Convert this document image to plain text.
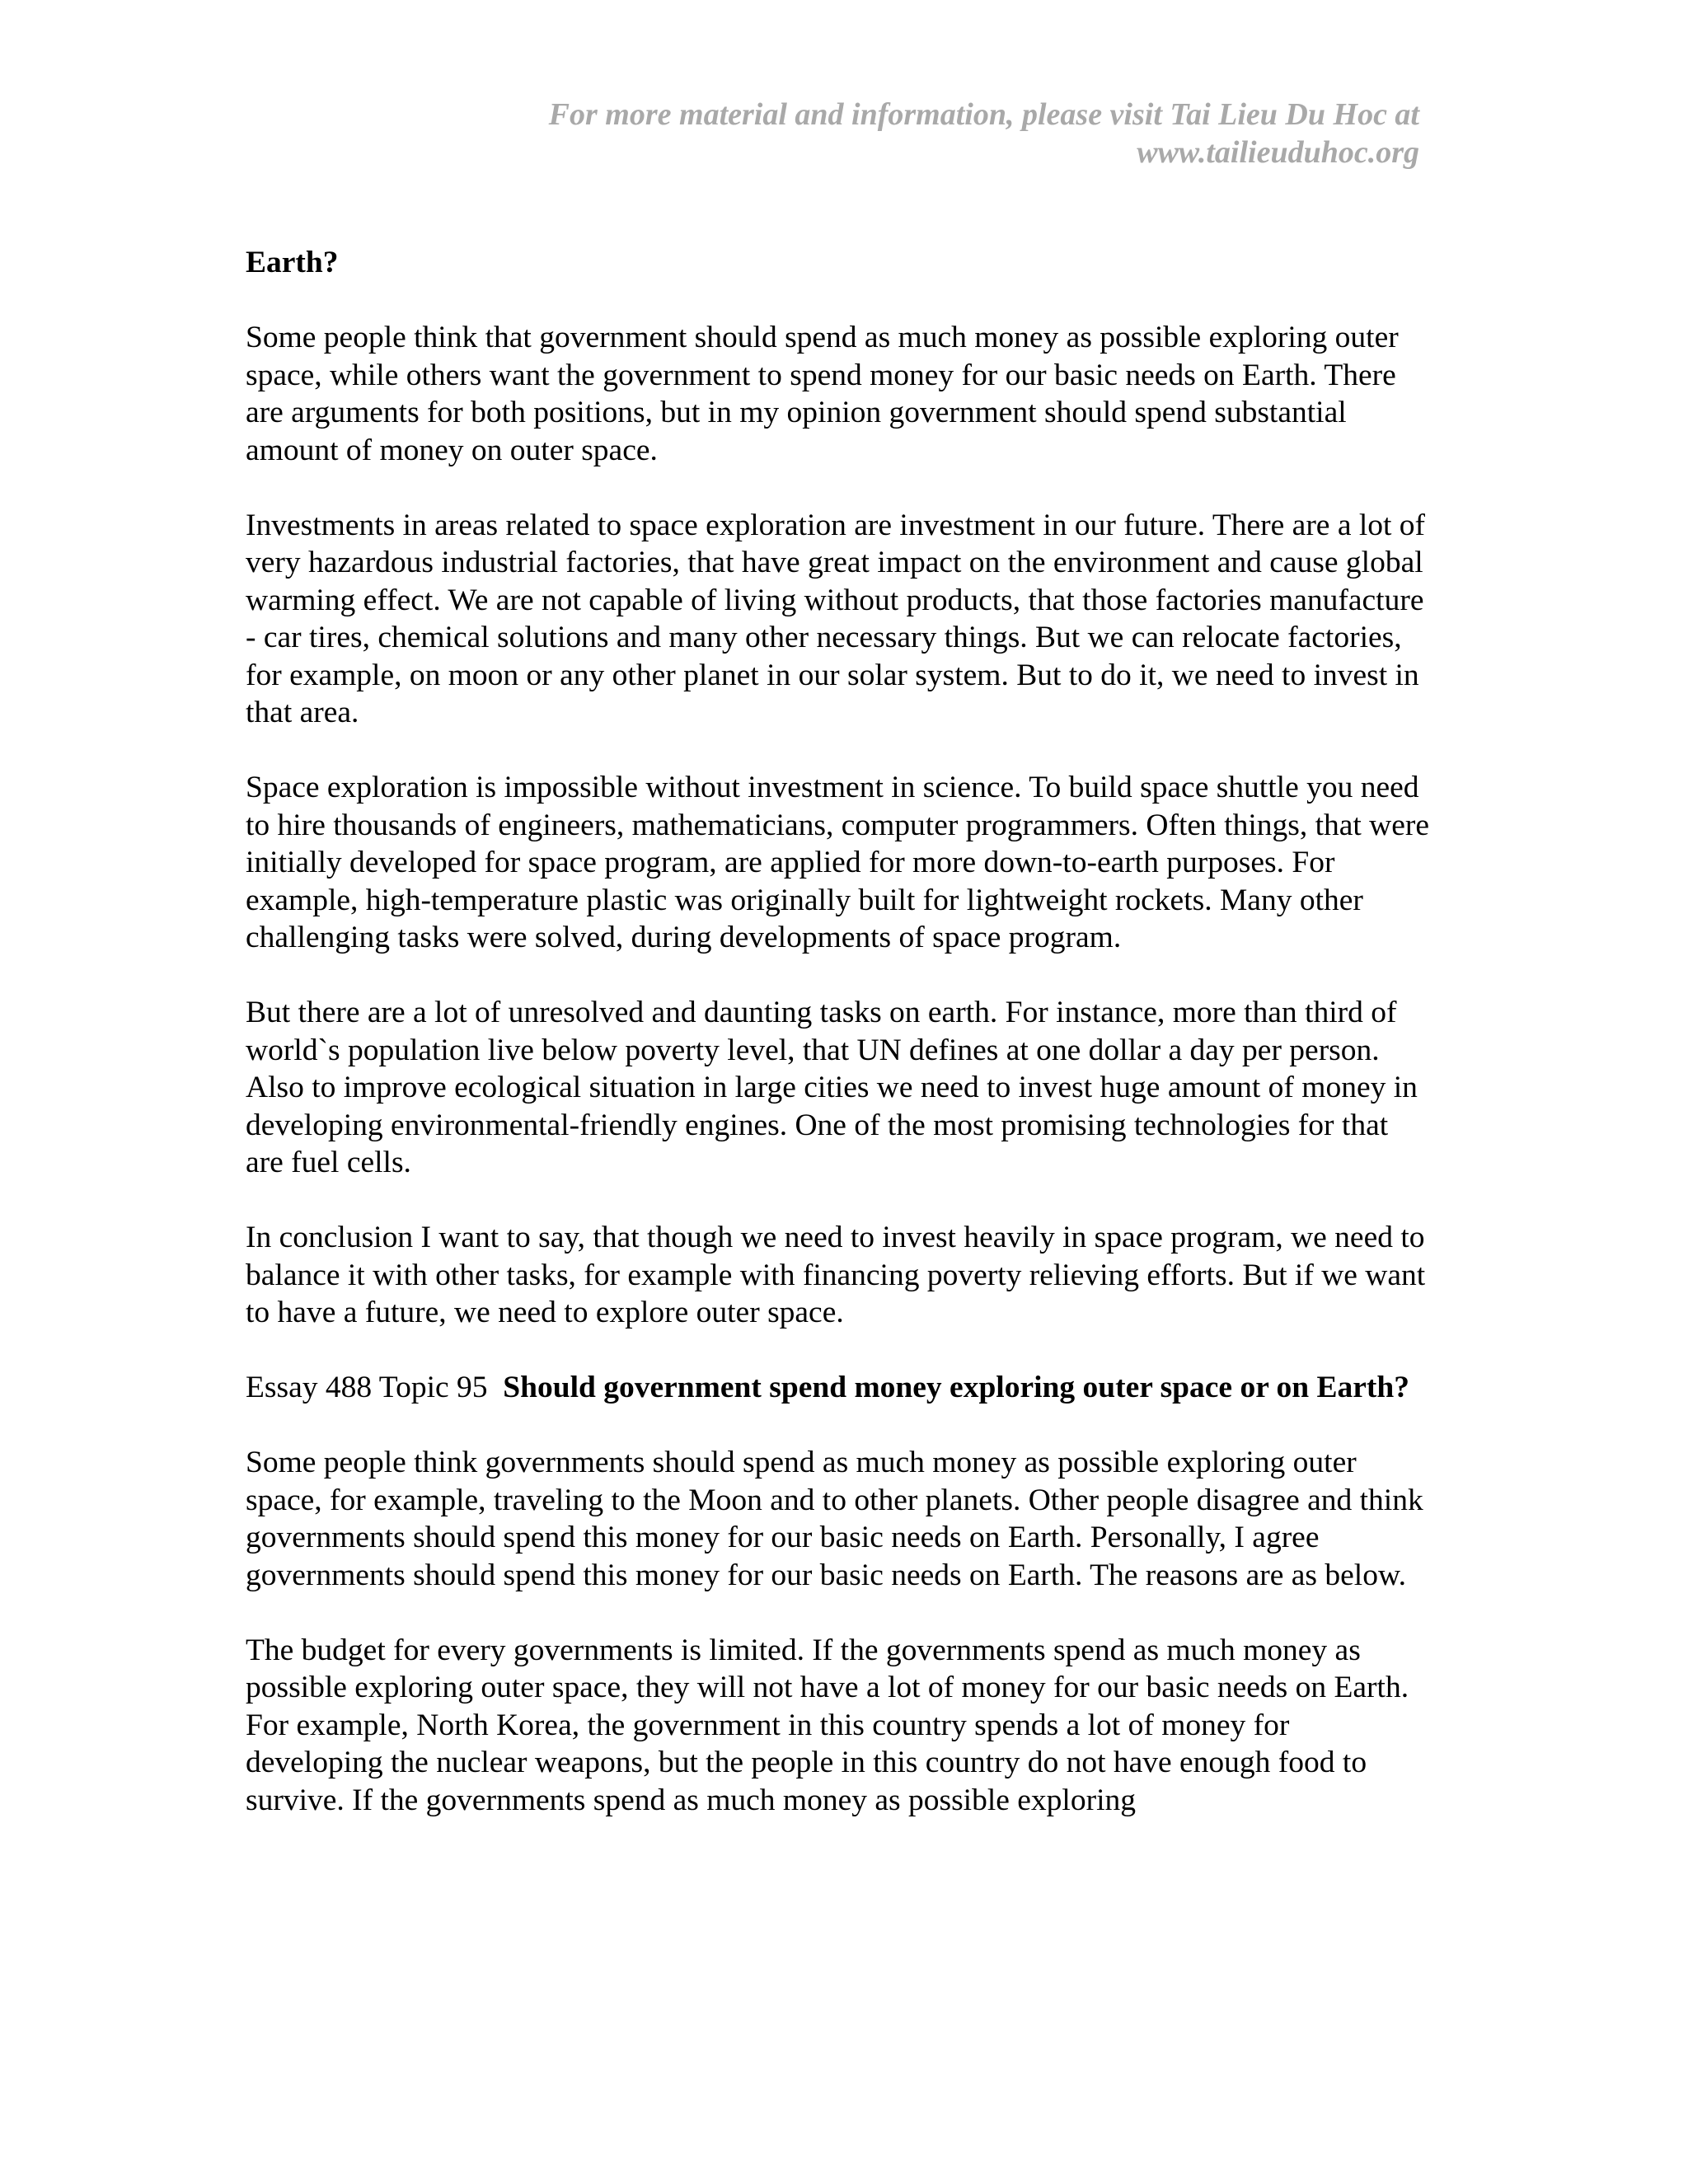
For more material and information, please visit Tai Lieu Du Hoc at
www.tailieuduhoc.org

Earth?

Some people think that government should spend as much money as possible exploring outer space, while others want the government to spend money for our basic needs on Earth. There are arguments for both positions, but in my opinion government should spend substantial amount of money on outer space.

Investments in areas related to space exploration are investment in our future. There are a lot of very hazardous industrial factories, that have great impact on the environment and cause global warming effect. We are not capable of living without products, that those factories manufacture - car tires, chemical solutions and many other necessary things. But we can relocate factories, for example, on moon or any other planet in our solar system. But to do it, we need to invest in that area.

Space exploration is impossible without investment in science. To build space shuttle you need to hire thousands of engineers, mathematicians, computer programmers. Often things, that were initially developed for space program, are applied for more down-to-earth purposes. For example, high-temperature plastic was originally built for lightweight rockets. Many other challenging tasks were solved, during developments of space program.

But there are a lot of unresolved and daunting tasks on earth. For instance, more than third of world`s population live below poverty level, that UN defines at one dollar a day per person. Also to improve ecological situation in large cities we need to invest huge amount of money in developing environmental-friendly engines. One of the most promising technologies for that are fuel cells.

In conclusion I want to say, that though we need to invest heavily in space program, we need to balance it with other tasks, for example with financing poverty relieving efforts. But if we want to have a future, we need to explore outer space.

Essay 488 Topic 95 Should government spend money exploring outer space or on Earth?

Some people think governments should spend as much money as possible exploring outer space, for example, traveling to the Moon and to other planets. Other people disagree and think governments should spend this money for our basic needs on Earth. Personally, I agree governments should spend this money for our basic needs on Earth. The reasons are as below.

The budget for every governments is limited. If the governments spend as much money as possible exploring outer space, they will not have a lot of money for our basic needs on Earth. For example, North Korea, the government in this country spends a lot of money for developing the nuclear weapons, but the people in this country do not have enough food to survive. If the governments spend as much money as possible exploring
